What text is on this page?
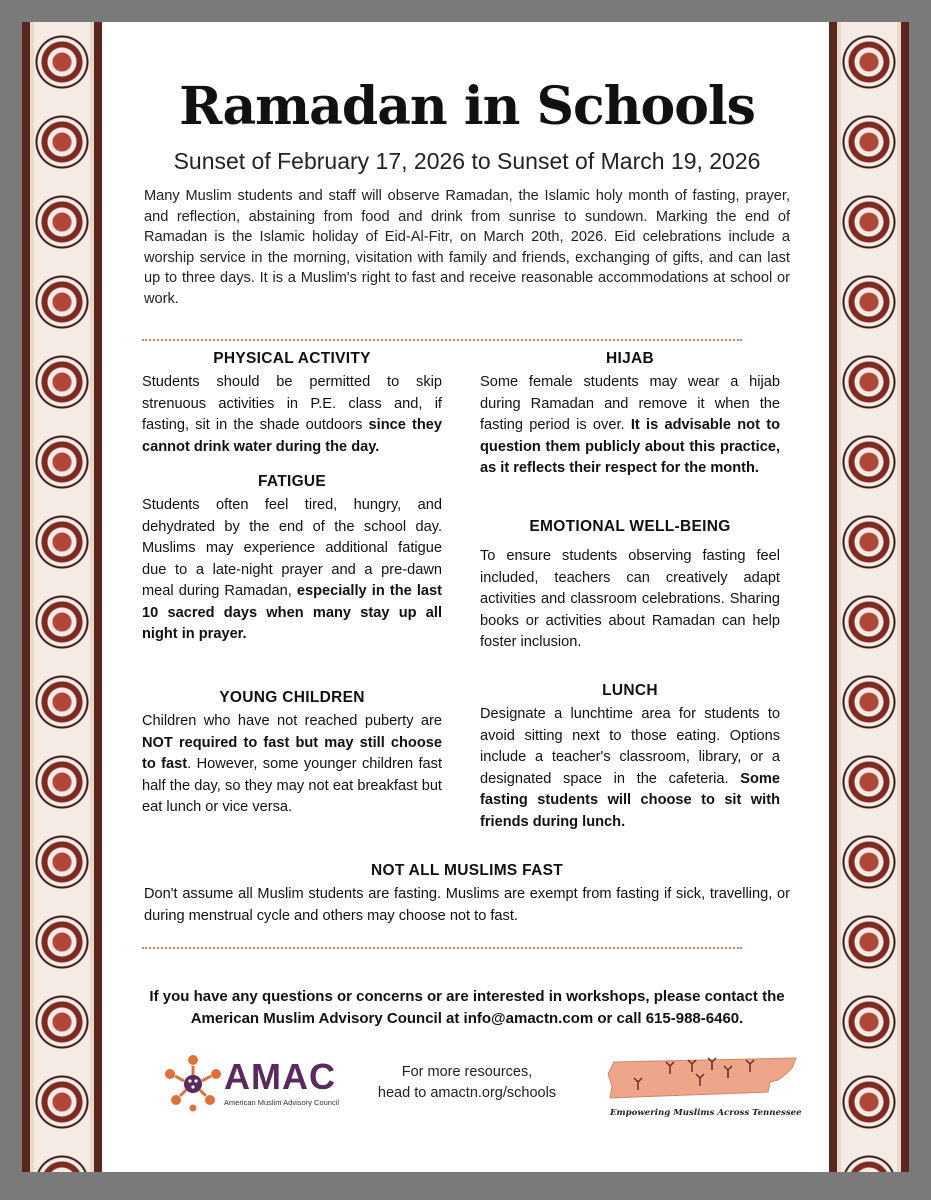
Ramadan in Schools

Sunset of February 17, 2026 to Sunset of March 19, 2026

Many Muslim students and staff will observe Ramadan, the Islamic holy month of fasting, prayer, and reflection, abstaining from food and drink from sunrise to sundown. Marking the end of Ramadan is the Islamic holiday of Eid-Al-Fitr, on March 20th, 2026. Eid celebrations include a worship service in the morning, visitation with family and friends, exchanging of gifts, and can last up to three days. It is a Muslim's right to fast and receive reasonable accommodations at school or work.

PHYSICAL ACTIVITY

Students should be permitted to skip strenuous activities in P.E. class and, if fasting, sit in the shade outdoors since they cannot drink water during the day.

FATIGUE

Students often feel tired, hungry, and dehydrated by the end of the school day. Muslims may experience additional fatigue due to a late-night prayer and a pre-dawn meal during Ramadan, especially in the last 10 sacred days when many stay up all night in prayer.

YOUNG CHILDREN

Children who have not reached puberty are NOT required to fast but may still choose to fast. However, some younger children fast half the day, so they may not eat breakfast but eat lunch or vice versa.

HIJAB

Some female students may wear a hijab during Ramadan and remove it when the fasting period is over. It is advisable not to question them publicly about this practice, as it reflects their respect for the month.

EMOTIONAL WELL-BEING

To ensure students observing fasting feel included, teachers can creatively adapt activities and classroom celebrations. Sharing books or activities about Ramadan can help foster inclusion.

LUNCH

Designate a lunchtime area for students to avoid sitting next to those eating. Options include a teacher's classroom, library, or a designated space in the cafeteria. Some fasting students will choose to sit with friends during lunch.

NOT ALL MUSLIMS FAST

Don't assume all Muslim students are fasting. Muslims are exempt from fasting if sick, travelling, or during menstrual cycle and others may choose not to fast.

If you have any questions or concerns or are interested in workshops, please contact the
American Muslim Advisory Council at info@amactn.com or call 615-988-6460.

AMAC
American Muslim Advisory Council
For more resources,
head to amactn.org/schools
Empowering Muslims Across Tennessee
